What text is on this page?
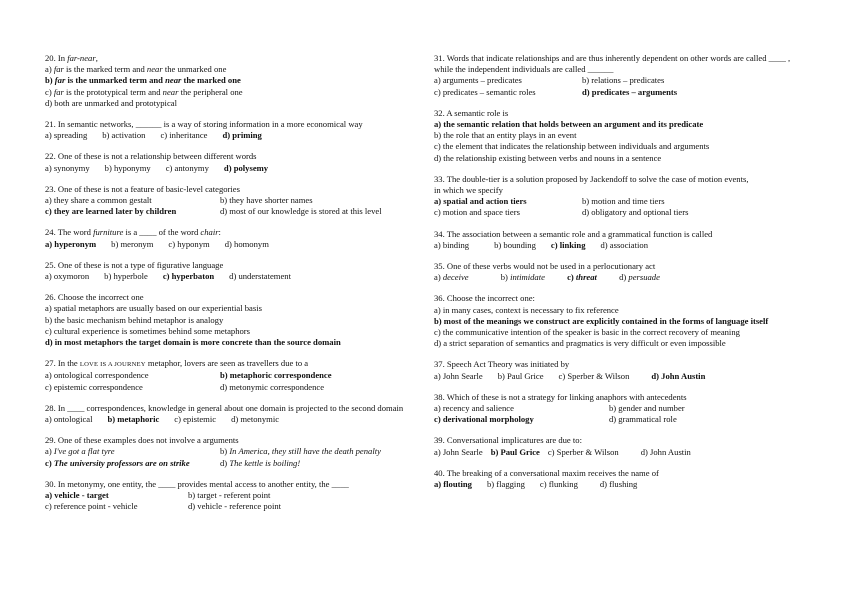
20. In far-near,
a) far is the marked term and near the unmarked one
b) far is the unmarked term and near the marked one
c) far is the prototypical term and near the peripheral one
d) both are unmarked and prototypical
21. In semantic networks, ______ is a way of storing information in a more economical way
a) spreading b) activation c) inheritance d) priming
22. One of these is not a relationship between different words
a) synonymy b) hyponymy c) antonymy d) polysemy
23. One of these is not a feature of basic-level categories
a) they share a common gestalt	b) they have shorter names
c) they are learned later by children	d) most of our knowledge is stored at this level
24. The word furniture is a ____ of the word chair:
a) hyperonym b) meronym c) hyponym d) homonym
25. One of these is not a type of figurative language
a) oxymoron b) hyperbole c) hyperbaton d) understatement
26. Choose the incorrect one
a) spatial metaphors are usually based on our experiential basis
b) the basic mechanism behind metaphor is analogy
c) cultural experience is sometimes behind some metaphors
d) in most metaphors the target domain is more concrete than the source domain
27. In the LOVE IS A JOURNEY metaphor, lovers are seen as travellers due to a
a) ontological correspondence	b) metaphoric correspondence
c) epistemic correspondence	d) metonymic correspondence
28. In ____ correspondences, knowledge in general about one domain is projected to the second domain
a) ontological b) metaphoric c) epistemic d) metonymic
29. One of these examples does not involve a arguments
a) I've got a flat tyre	b) In America, they still have the death penalty
c) The university professors are on strike	d) The kettle is boiling!
30. In metonymy, one entity, the ____ provides mental access to another entity, the ____
a) vehicle - target	b) target - referent point
c) reference point - vehicle	d) vehicle - reference point
31. Words that indicate relationships and are thus inherently dependent on other words are called ____ , while the independent individuals are called ______
a) arguments – predicates	b) relations – predicates
c) predicates – semantic roles	d) predicates – arguments
32. A semantic role is
a) the semantic relation that holds between an argument and its predicate
b) the role that an entity plays in an event
c) the element that indicates the relationship between individuals and arguments
d) the relationship existing between verbs and nouns in a sentence
33. The double-tier is a solution proposed by Jackendoff to solve the case of motion events,
in which we specify
a) spatial and action tiers	b) motion and time tiers
c) motion and space tiers	d) obligatory and optional tiers
34. The association between a semantic role and a grammatical function is called
a) binding	b) bounding c) linking d) association
35. One of these verbs would not be used in a perlocutionary act
a) deceive	b) intimidate	c) threat	d) persuade
36. Choose the incorrect one:
a) in many cases, context is necessary to fix reference
b) most of the meanings we construct are explicitly contained in the forms of language itself
c) the communicative intention of the speaker is basic in the correct recovery of meaning
d) a strict separation of semantics and pragmatics is very difficult or even impossible
37. Speech Act Theory was initiated by
a) John Searle b) Paul Grice c) Sperber & Wilson	d) John Austin
38. Which of these is not a strategy for linking anaphors with antecedents
a) recency and salience	b) gender and number
c) derivational morphology	d) grammatical role
39. Conversational implicatures are due to:
a) John Searle b) Paul Grice c) Sperber & Wilson	d) John Austin
40. The breaking of a conversational maxim receives the name of
a) flouting b) flagging c) flunking	d) flushing
